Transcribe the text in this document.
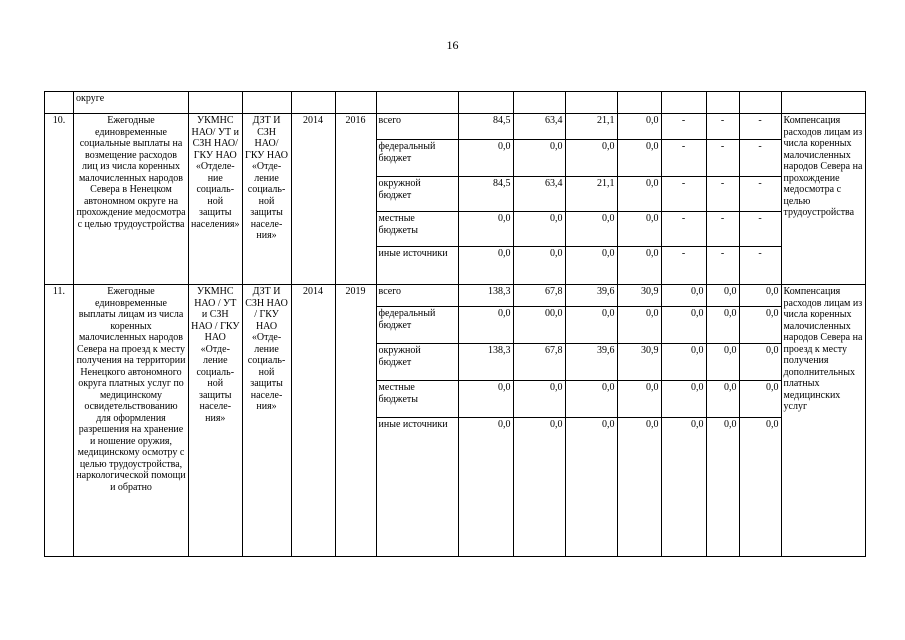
16
	округе													
10.	Ежегодные единовременные социальные выплаты на возмещение расходов лиц из числа коренных малочисленных народов Севера в Ненецком автономном округе на прохождение медосмотра с целью трудоустройства	УКМНС НАО/ УТ и СЗН НАО/ ГКУ НАО «Отделе-ние социаль-ной защиты населения»	ДЗТ И СЗН НАО/ ГКУ НАО «Отде-ление социаль-ной защиты населе-ния»	2014	2016	всего	84,5	63,4	21,1	0,0	-	-	-	Компенсация расходов лицам из числа коренных малочисленных народов Севера на прохождение медосмотра с целью трудоустройства
						федеральный бюджет	0,0	0,0	0,0	0,0	-	-	-	
						окружной бюджет	84,5	63,4	21,1	0,0	-	-	-	
						местные бюджеты	0,0	0,0	0,0	0,0	-	-	-	
						иные источники	0,0	0,0	0,0	0,0	-	-	-	
11.	Ежегодные единовременные выплаты лицам из числа коренных малочисленных народов Севера на проезд к месту получения на территории Ненецкого автономного округа платных услуг по медицинскому освидетельствованию для оформления разрешения на хранение и ношение оружия, медицинскому осмотру с целью трудоустройства, наркологической помощи и обратно	УКМНС НАО / УТ и СЗН НАО / ГКУ НАО «Отде-ление социаль-ной защиты населе-ния»	ДЗТ И СЗН НАО / ГКУ НАО «Отде-ление социаль-ной защиты населе-ния»	2014	2019	всего	138,3	67,8	39,6	30,9	0,0	0,0	0,0	Компенсация расходов лицам из числа коренных малочисленных народов Севера на проезд к месту получения дополнительных платных медицинских услуг
						федеральный бюджет	0,0	00,0	0,0	0,0	0,0	0,0	0,0	
						окружной бюджет	138,3	67,8	39,6	30,9	0,0	0,0	0,0	
						местные бюджеты	0,0	0,0	0,0	0,0	0,0	0,0	0,0	
						иные источники	0,0	0,0	0,0	0,0	0,0	0,0	0,0	
